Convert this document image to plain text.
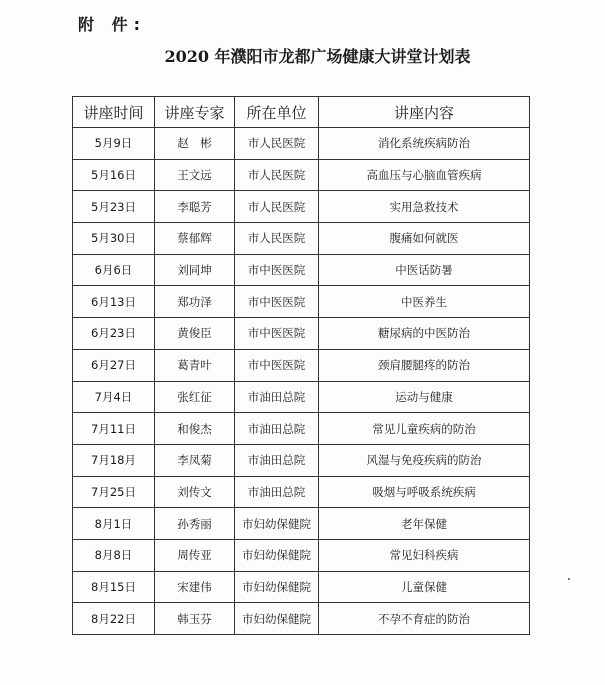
附 件:
2020 年濮阳市龙都广场健康大讲堂计划表
讲座时间	讲座专家	所在单位	讲座内容
5月9日	赵　彬	市人民医院	消化系统疾病防治
5月16日	王文远	市人民医院	高血压与心脑血管疾病
5月23日	李聪芳	市人民医院	实用急救技术
5月30日	蔡郁辉	市人民医院	腹痛如何就医
6月6日	刘同坤	市中医医院	中医话防暑
6月13日	郑功泽	市中医医院	中医养生
6月23日	黄俊臣	市中医医院	糖尿病的中医防治
6月27日	葛青叶	市中医医院	颈肩腰腿疼的防治
7月4日	张红征	市油田总院	运动与健康
7月11日	和俊杰	市油田总院	常见儿童疾病的防治
7月18月	李凤菊	市油田总院	风湿与免疫疾病的防治
7月25日	刘传文	市油田总院	吸烟与呼吸系统疾病
8月1日	孙秀丽	市妇幼保健院	老年保健
8月8日	周传亚	市妇幼保健院	常见妇科疾病
8月15日	宋建伟	市妇幼保健院	儿童保健
8月22日	韩玉芬	市妇幼保健院	不孕不育症的防治
